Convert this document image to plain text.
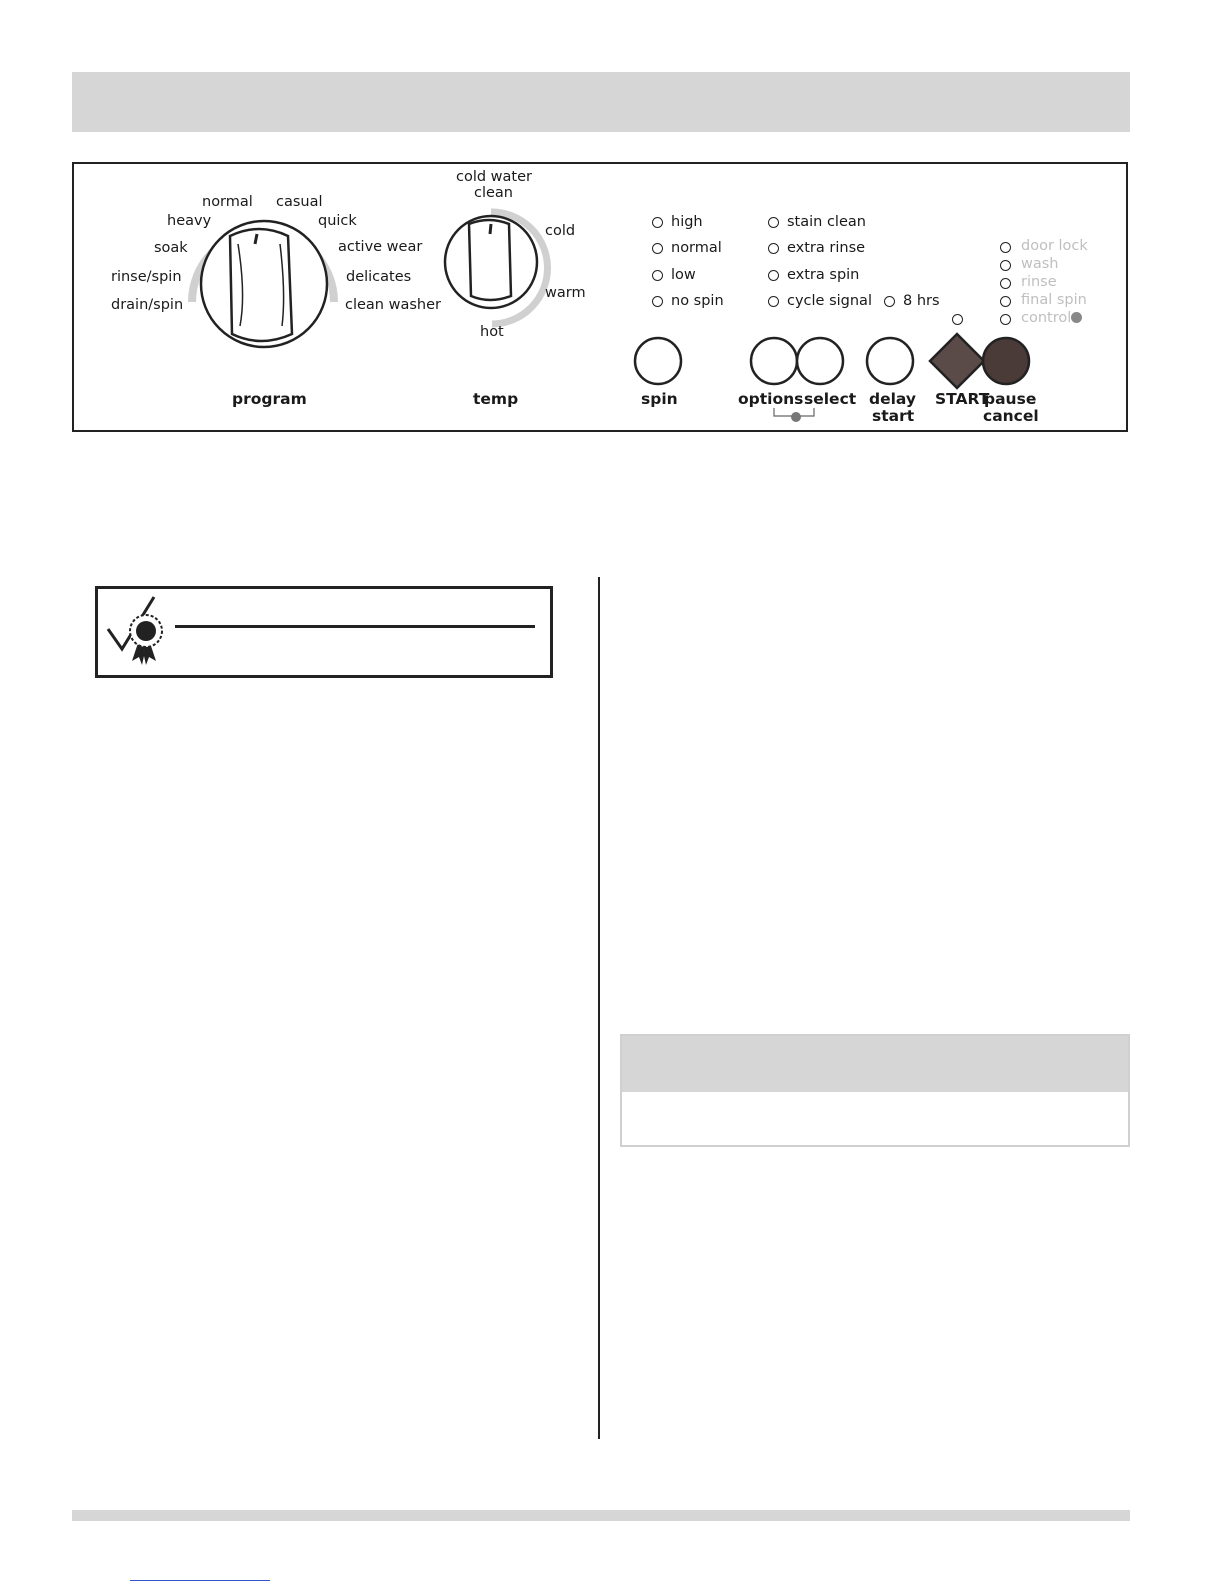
drain/spin
rinse/spin
soak
heavy
normal casual
quick
active wear
delicates
clean washer
program
cold water
clean
cold
warm
hot
temp
high
normal
low
no spin
stain clean
extra rinse
extra spin
cycle signal 8 hrs
door lock
wash
rinse
final spin
control
spin	options select delay
start
START
pause
cancel
